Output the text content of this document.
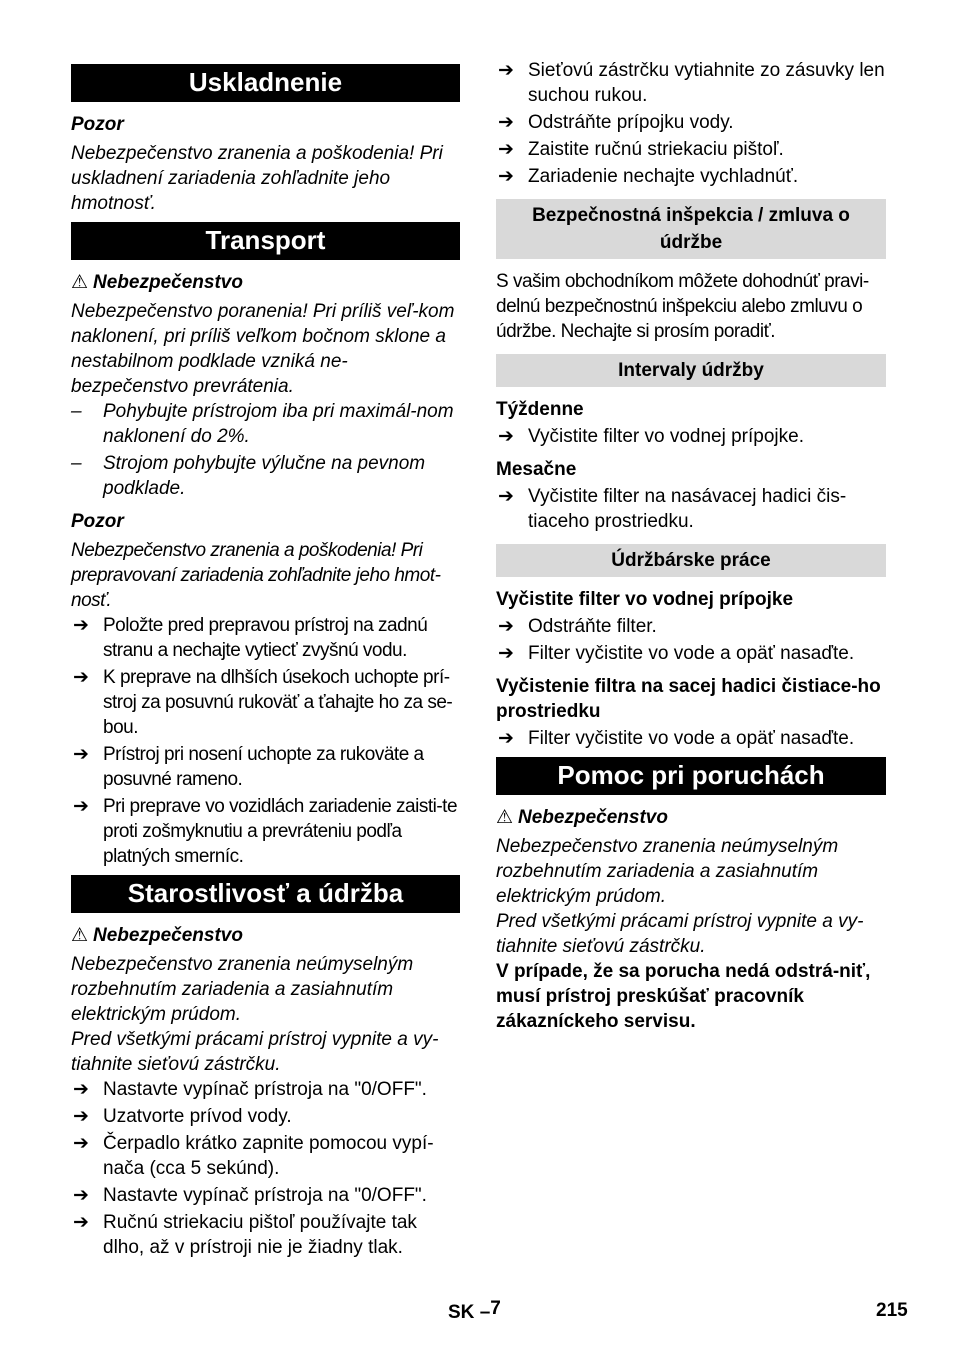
Uskladnenie
Pozor

Nebezpečenstvo zranenia a poškodenia! Pri uskladnení zariadenia zohľadnite jeho hmotnosť.

Transport
⚠ Nebezpečenstvo

Nebezpečenstvo poranenia! Pri príliš veľ-kom naklonení, pri príliš veľkom bočnom sklone a nestabilnom podklade vzniká ne-bezpečenstvo prevrátenia.

– Pohybujte prístrojom iba pri maximál-nom naklonení do 2%.
– Strojom pohybujte výlučne na pevnom podklade.
Pozor

Nebezpečenstvo zranenia a poškodenia! Pri prepravovaní zariadenia zohľadnite jeho hmot-nosť.

➔ Položte pred prepravou prístroj na zadnú stranu a nechajte vytiecť zvyšnú vodu.
➔ K preprave na dlhších úsekoch uchopte prí-stroj za posuvnú rukoväť a ťahajte ho za se-bou.
➔ Prístroj pri nosení uchopte za rukoväte a posuvné rameno.
➔ Pri preprave vo vozidlách zariadenie zaisti-te proti zošmyknutiu a prevráteniu podľa platných smerníc.
Starostlivosť a údržba
⚠ Nebezpečenstvo

Nebezpečenstvo zranenia neúmyselným rozbehnutím zariadenia a zasiahnutím elektrickým prúdom.

Pred všetkými prácami prístroj vypnite a vy-tiahnite sieťovú zástrčku.

➔ Nastavte vypínač prístroja na "0/OFF".
➔ Uzatvorte prívod vody.
➔ Čerpadlo krátko zapnite pomocou vypí-nača (cca 5 sekúnd).
➔ Nastavte vypínač prístroja na "0/OFF".
➔ Ručnú striekaciu pištoľ používajte tak dlho, až v prístroji nie je žiadny tlak.
➔ Sieťovú zástrčku vytiahnite zo zásuvky len suchou rukou.
➔ Odstráňte prípojku vody.
➔ Zaistite ručnú striekaciu pištoľ.
➔ Zariadenie nechajte vychladnúť.
Bezpečnostná inšpekcia / zmluva o údržbe

S vašim obchodníkom môžete dohodnúť pravi-delnú bezpečnostnú inšpekciu alebo zmluvu o údržbe. Nechajte si prosím poradiť.

Intervaly údržby
Týždenne
➔ Vyčistite filter vo vodnej prípojke.
Mesačne
➔ Vyčistite filter na nasávacej hadici čis-tiaceho prostriedku.
Údržbárske práce
Vyčistite filter vo vodnej prípojke
➔ Odstráňte filter.
➔ Filter vyčistite vo vode a opäť nasaďte.
Vyčistenie filtra na sacej hadici čistiace-ho prostriedku
➔ Filter vyčistite vo vode a opäť nasaďte.
Pomoc pri poruchách
⚠ Nebezpečenstvo

Nebezpečenstvo zranenia neúmyselným rozbehnutím zariadenia a zasiahnutím elektrickým prúdom.

Pred všetkými prácami prístroj vypnite a vy-tiahnite sieťovú zástrčku.

V prípade, že sa porucha nedá odstrá-niť, musí prístroj preskúšať pracovník zákazníckeho servisu.

SK –$^7$	215
